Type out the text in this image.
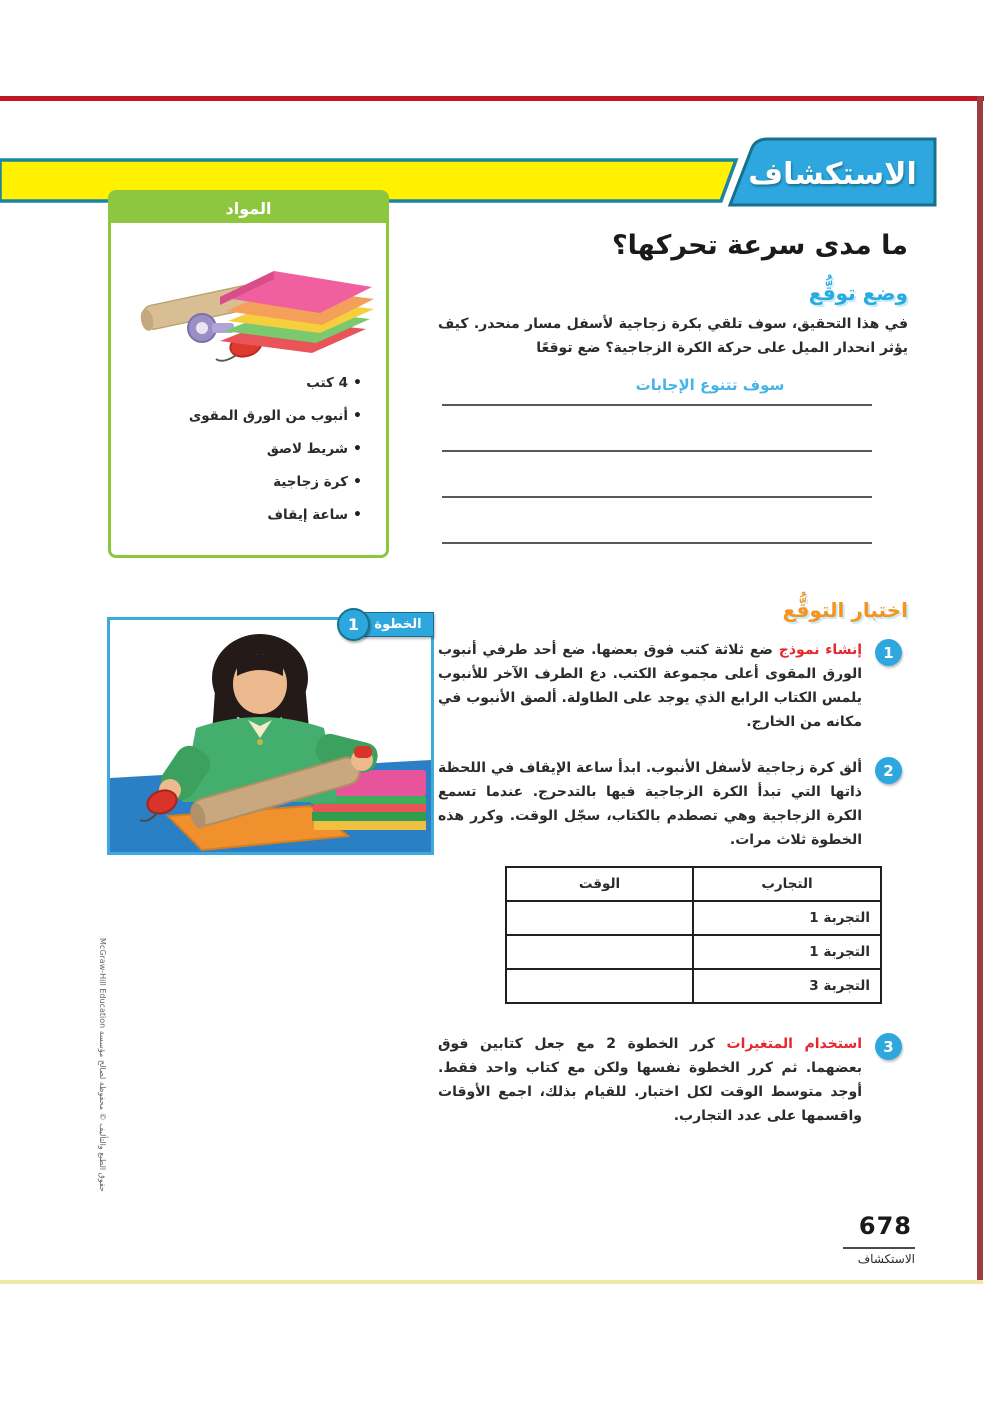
الاستكشاف
المواد
• 4 كتب
• أنبوب من الورق المقوى
• شريط لاصق
• كرة زجاجية
• ساعة إيقاف
ما مدى سرعة تحركها؟
وضع توقُّع

في هذا التحقيق، سوف تلقي بكرة زجاجية لأسفل مسار منحدر. كيف يؤثر انحدار الميل على حركة الكرة الزجاجية؟ ضع توقعًا

سوف تتنوع الإجابات
1	الخطوة
اختبار التوقُّع
1
إنشاء نموذج ضع ثلاثة كتب فوق بعضها. ضع أحد طرفي أنبوب الورق المقوى أعلى مجموعة الكتب. دع الطرف الآخر للأنبوب يلمس الكتاب الرابع الذي يوجد على الطاولة. ألصق الأنبوب في مكانه من الخارج.
2
ألق كرة زجاجية لأسفل الأنبوب. ابدأ ساعة الإيقاف في اللحظة ذاتها التي تبدأ الكرة الزجاجية فيها بالتدحرج. عندما تسمع الكرة الزجاجية وهي تصطدم بالكتاب، سجّل الوقت. وكرر هذه الخطوة ثلاث مرات.
التجارب	الوقت
التجربة 1	
التجربة 1	
التجربة 3	
3
استخدام المتغيرات كرر الخطوة 2 مع جعل كتابين فوق بعضهما. ثم كرر الخطوة نفسها ولكن مع كتاب واحد فقط. أوجد متوسط الوقت لكل اختبار. للقيام بذلك، اجمع الأوقات واقسمها على عدد التجارب.
678
الاستكشاف
McGraw-Hill Education حقوق الطبع والتأليف © محفوظة لصالح مؤسسة
